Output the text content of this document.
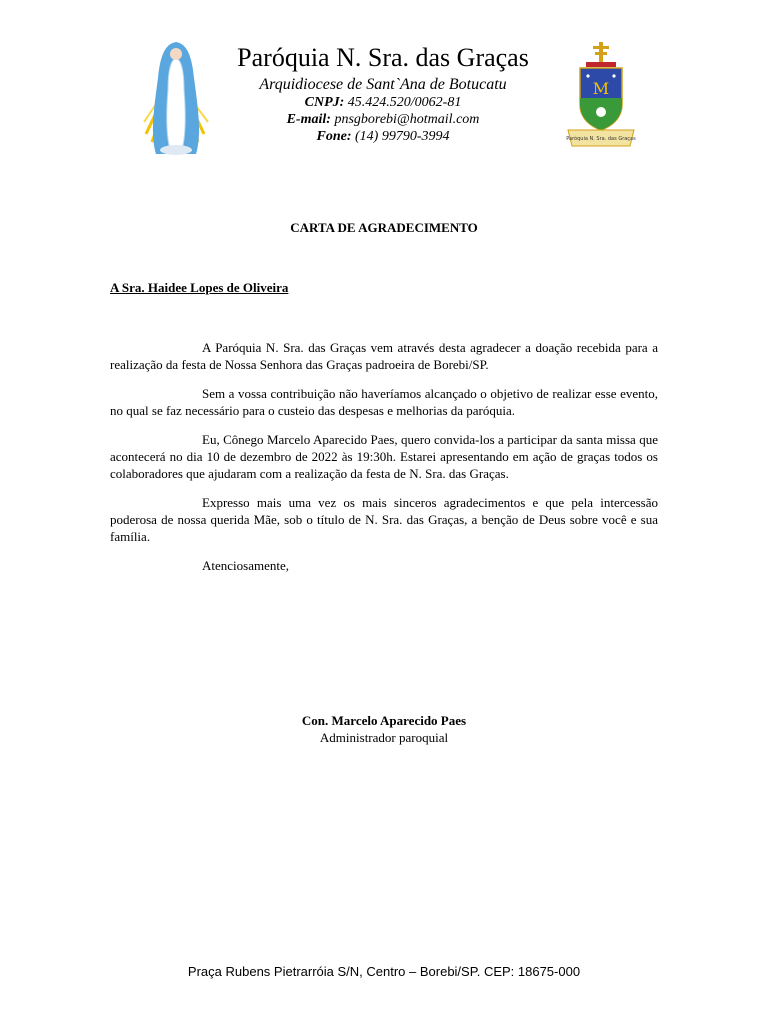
Paróquia N. Sra. das Graças
Arquidiocese de Sant`Ana de Botucatu
CNPJ: 45.424.520/0062-81
E-mail: pnsgborebi@hotmail.com
Fone: (14) 99790-3994
M
Paróquia N. Sra. das Graças
CARTA DE AGRADECIMENTO
A Sra. Haidee Lopes de Oliveira

A Paróquia N. Sra. das Graças vem através desta agradecer a doação recebida para a realização da festa de Nossa Senhora das Graças padroeira de Borebi/SP.

Sem a vossa contribuição não haveríamos alcançado o objetivo de realizar esse evento, no qual se faz necessário para o custeio das despesas e melhorias da paróquia.

Eu, Cônego Marcelo Aparecido Paes, quero convida-los a participar da santa missa que acontecerá no dia 10 de dezembro de 2022 às 19:30h. Estarei apresentando em ação de graças todos os colaboradores que ajudaram com a realização da festa de N. Sra. das Graças.

Expresso mais uma vez os mais sinceros agradecimentos e que pela intercessão poderosa de nossa querida Mãe, sob o título de N. Sra. das Graças, a benção de Deus sobre você e sua família.

Atenciosamente,

Con. Marcelo Aparecido Paes
Administrador paroquial
Praça Rubens Pietrarróia S/N, Centro – Borebi/SP. CEP: 18675-000
